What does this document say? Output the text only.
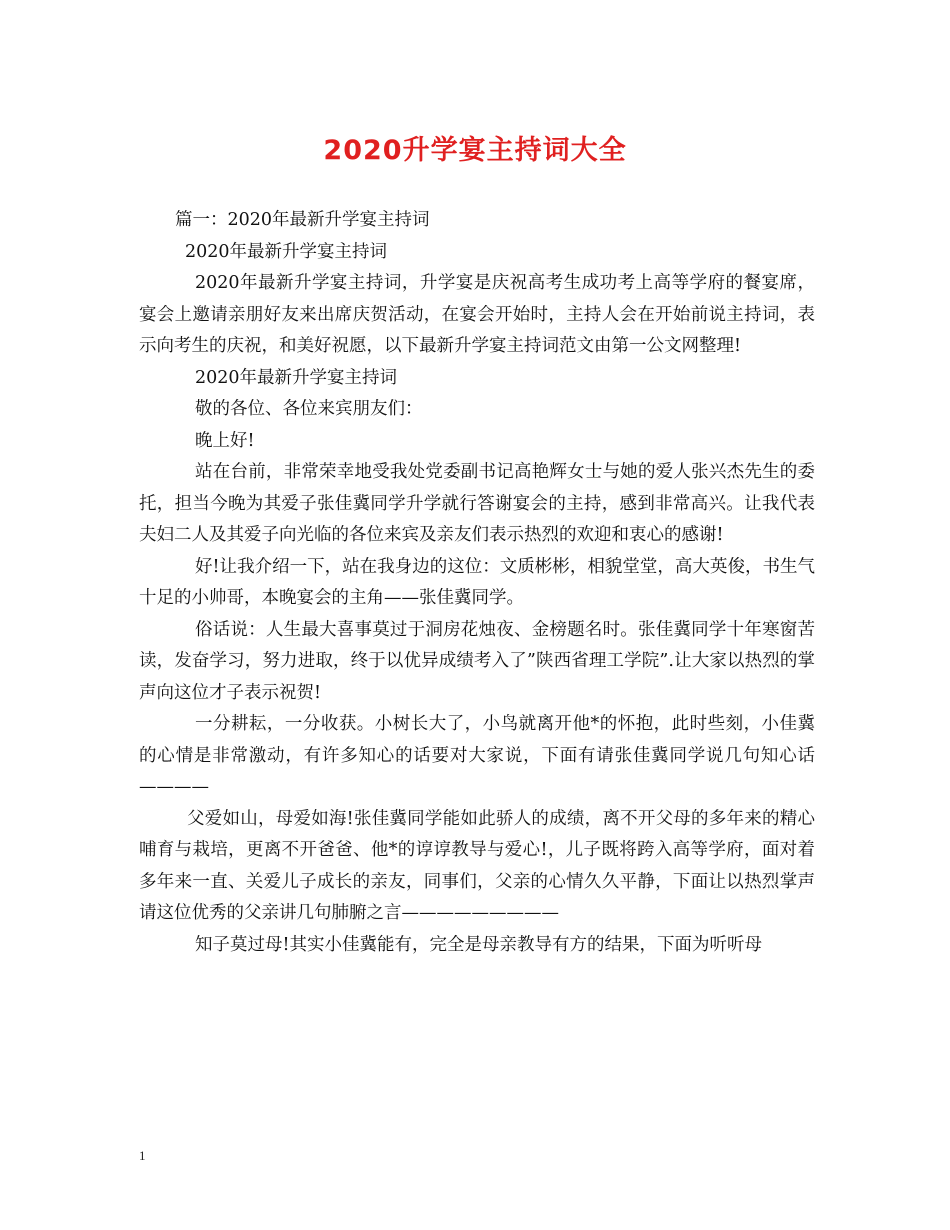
2020升学宴主持词大全

篇一：2020年最新升学宴主持词

2020年最新升学宴主持词

2020年最新升学宴主持词，升学宴是庆祝高考生成功考上高等学府的餐宴席，宴会上邀请亲朋好友来出席庆贺活动，在宴会开始时，主持人会在开始前说主持词，表示向考生的庆祝，和美好祝愿，以下最新升学宴主持词范文由第一公文网整理!

2020年最新升学宴主持词

敬的各位、各位来宾朋友们：

晚上好!

站在台前，非常荣幸地受我处党委副书记高艳辉女士与她的爱人张兴杰先生的委托，担当今晚为其爱子张佳冀同学升学就行答谢宴会的主持，感到非常高兴。让我代表夫妇二人及其爱子向光临的各位来宾及亲友们表示热烈的欢迎和衷心的感谢!

好!让我介绍一下，站在我身边的这位：文质彬彬，相貌堂堂，高大英俊，书生气十足的小帅哥，本晚宴会的主角——张佳冀同学。

俗话说：人生最大喜事莫过于洞房花烛夜、金榜题名时。张佳冀同学十年寒窗苦读，发奋学习，努力进取，终于以优异成绩考入了”陕西省理工学院”.让大家以热烈的掌声向这位才子表示祝贺!

一分耕耘，一分收获。小树长大了，小鸟就离开他*的怀抱，此时些刻，小佳冀的心情是非常激动，有许多知心的话要对大家说，下面有请张佳冀同学说几句知心话————

父爱如山，母爱如海!张佳冀同学能如此骄人的成绩，离不开父母的多年来的精心哺育与栽培，更离不开爸爸、他*的谆谆教导与爱心!，儿子既将跨入高等学府，面对着多年来一直、关爱儿子成长的亲友，同事们，父亲的心情久久平静，下面让以热烈掌声请这位优秀的父亲讲几句肺腑之言—————————

知子莫过母!其实小佳冀能有，完全是母亲教导有方的结果，下面为听听母

1
